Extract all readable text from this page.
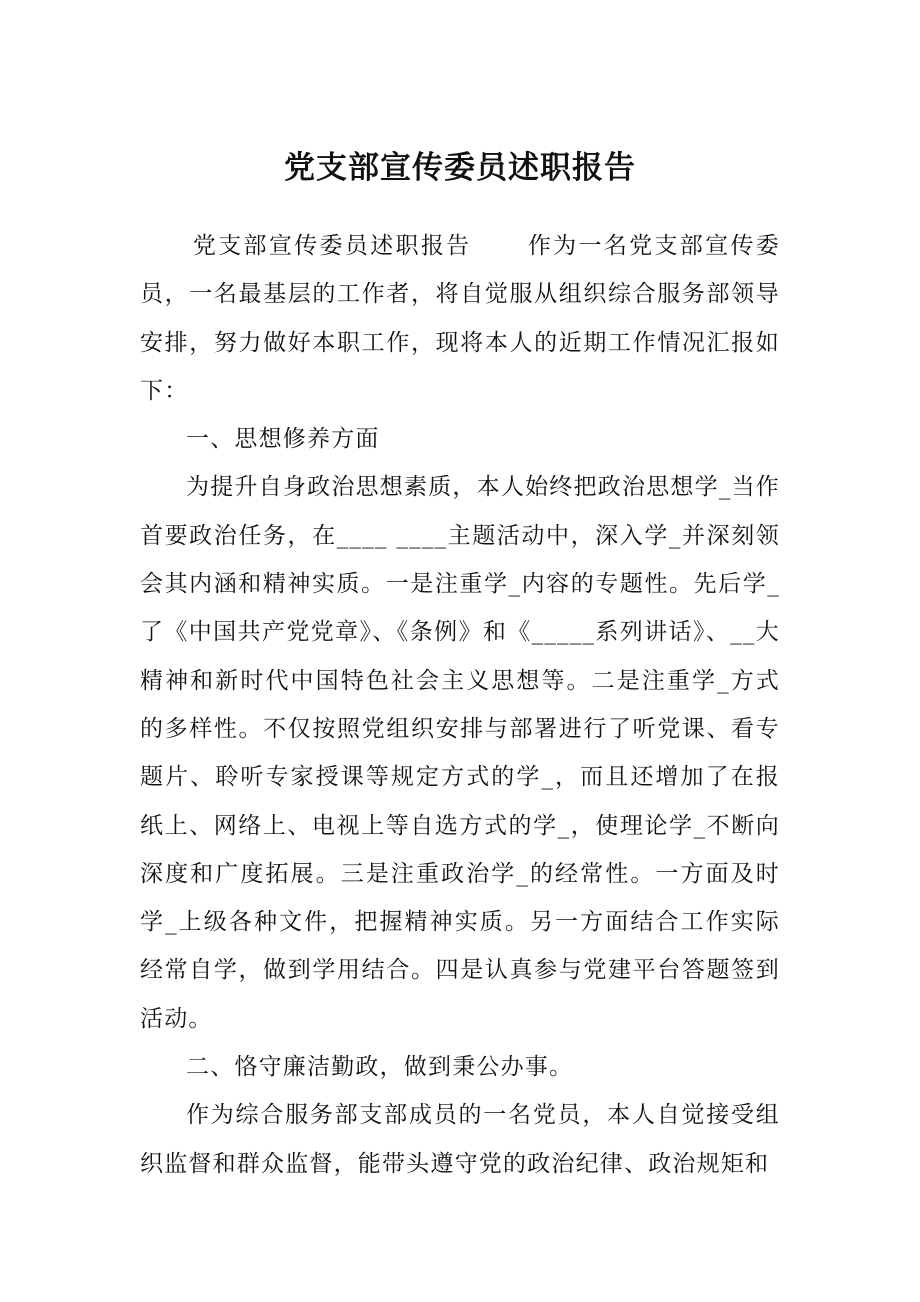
党支部宣传委员述职报告

党支部宣传委员述职报告 作为一名党支部宣传委员，一名最基层的工作者，将自觉服从组织综合服务部领导安排，努力做好本职工作，现将本人的近期工作情况汇报如下：

一、思想修养方面

为提升自身政治思想素质，本人始终把政治思想学_当作首要政治任务，在____ ____主题活动中，深入学_并深刻领会其内涵和精神实质。一是注重学_内容的专题性。先后学_了《中国共产党党章》、《条例》和《_____系列讲话》、__大精神和新时代中国特色社会主义思想等。二是注重学_方式的多样性。不仅按照党组织安排与部署进行了听党课、看专题片、聆听专家授课等规定方式的学_，而且还增加了在报纸上、网络上、电视上等自选方式的学_，使理论学_不断向深度和广度拓展。三是注重政治学_的经常性。一方面及时学_上级各种文件，把握精神实质。另一方面结合工作实际经常自学，做到学用结合。四是认真参与党建平台答题签到活动。

二、恪守廉洁勤政，做到秉公办事。

作为综合服务部支部成员的一名党员，本人自觉接受组织监督和群众监督，能带头遵守党的政治纪律、政治规矩和
